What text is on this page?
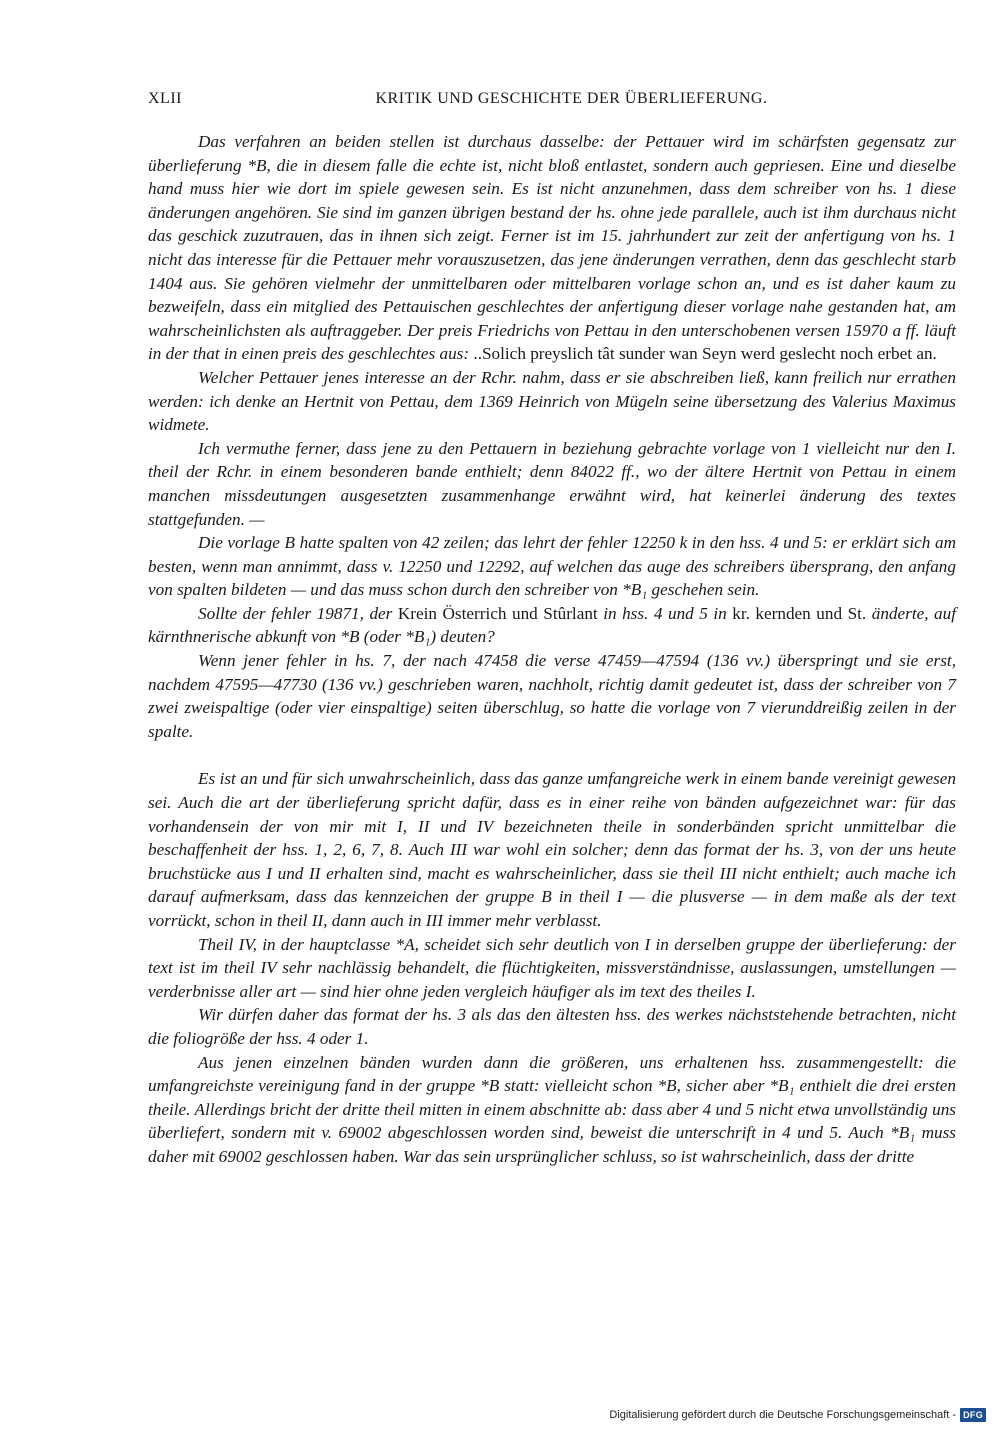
XLII	KRITIK UND GESCHICHTE DER ÜBERLIEFERUNG.

Das verfahren an beiden stellen ist durchaus dasselbe: der Pettauer wird im schärfsten gegensatz zur überlieferung *B, die in diesem falle die echte ist, nicht bloß entlastet, sondern auch gepriesen. Eine und dieselbe hand muss hier wie dort im spiele gewesen sein. Es ist nicht anzunehmen, dass dem schreiber von hs. 1 diese änderungen angehören. Sie sind im ganzen übrigen bestand der hs. ohne jede parallele, auch ist ihm durchaus nicht das geschick zuzutrauen, das in ihnen sich zeigt. Ferner ist im 15. jahrhundert zur zeit der anfertigung von hs. 1 nicht das interesse für die Pettauer mehr vorauszusetzen, das jene änderungen verrathen, denn das geschlecht starb 1404 aus. Sie gehören vielmehr der unmittelbaren oder mittelbaren vorlage schon an, und es ist daher kaum zu bezweifeln, dass ein mitglied des Pettauischen geschlechtes der anfertigung dieser vorlage nahe gestanden hat, am wahrscheinlichsten als auftraggeber. Der preis Friedrichs von Pettau in den unterschobenen versen 15970 a ff. läuft in der that in einen preis des geschlechtes aus: ..Solich preyslich tât sunder wan Seyn werd geslecht noch erbet an.

Welcher Pettauer jenes interesse an der Rchr. nahm, dass er sie abschreiben ließ, kann freilich nur errathen werden: ich denke an Hertnit von Pettau, dem 1369 Heinrich von Mügeln seine übersetzung des Valerius Maximus widmete.

Ich vermuthe ferner, dass jene zu den Pettauern in beziehung gebrachte vorlage von 1 vielleicht nur den I. theil der Rchr. in einem besonderen bande enthielt; denn 84022 ff., wo der ältere Hertnit von Pettau in einem manchen missdeutungen ausgesetzten zusammenhange erwähnt wird, hat keinerlei änderung des textes stattgefunden. —

Die vorlage B hatte spalten von 42 zeilen; das lehrt der fehler 12250 k in den hss. 4 und 5: er erklärt sich am besten, wenn man annimmt, dass v. 12250 und 12292, auf welchen das auge des schreibers übersprang, den anfang von spalten bildeten — und das muss schon durch den schreiber von *B₁ geschehen sein.

Sollte der fehler 19871, der Krein Österrich und Stûrlant in hss. 4 und 5 in kr. kernden und St. änderte, auf kärnthnerische abkunft von *B (oder *B₁) deuten?

Wenn jener fehler in hs. 7, der nach 47458 die verse 47459—47594 (136 vv.) überspringt und sie erst, nachdem 47595—47730 (136 vv.) geschrieben waren, nachholt, richtig damit gedeutet ist, dass der schreiber von 7 zwei zweispaltige (oder vier einspaltige) seiten überschlug, so hatte die vorlage von 7 vierunddreißig zeilen in der spalte.

Es ist an und für sich unwahrscheinlich, dass das ganze umfangreiche werk in einem bande vereinigt gewesen sei. Auch die art der überlieferung spricht dafür, dass es in einer reihe von bänden aufgezeichnet war: für das vorhandensein der von mir mit I, II und IV bezeichneten theile in sonderbänden spricht unmittelbar die beschaffenheit der hss. 1, 2, 6, 7, 8. Auch III war wohl ein solcher; denn das format der hs. 3, von der uns heute bruchstücke aus I und II erhalten sind, macht es wahrscheinlicher, dass sie theil III nicht enthielt; auch mache ich darauf aufmerksam, dass das kennzeichen der gruppe B in theil I — die plusverse — in dem maße als der text vorrückt, schon in theil II, dann auch in III immer mehr verblasst.

Theil IV, in der hauptclasse *A, scheidet sich sehr deutlich von I in derselben gruppe der überlieferung: der text ist im theil IV sehr nachlässig behandelt, die flüchtigkeiten, missverständnisse, auslassungen, umstellungen — verderbnisse aller art — sind hier ohne jeden vergleich häufiger als im text des theiles I.

Wir dürfen daher das format der hs. 3 als das den ältesten hss. des werkes nächststehende betrachten, nicht die foliogröße der hss. 4 oder 1.

Aus jenen einzelnen bänden wurden dann die größeren, uns erhaltenen hss. zusammengestellt: die umfangreichste vereinigung fand in der gruppe *B statt: vielleicht schon *B, sicher aber *B₁ enthielt die drei ersten theile. Allerdings bricht der dritte theil mitten in einem abschnitte ab: dass aber 4 und 5 nicht etwa unvollständig uns überliefert, sondern mit v. 69002 abgeschlossen worden sind, beweist die unterschrift in 4 und 5. Auch *B₁ muss daher mit 69002 geschlossen haben. War das sein ursprünglicher schluss, so ist wahrscheinlich, dass der dritte

Digitalisierung gefördert durch die Deutsche Forschungsgemeinschaft - DFG
